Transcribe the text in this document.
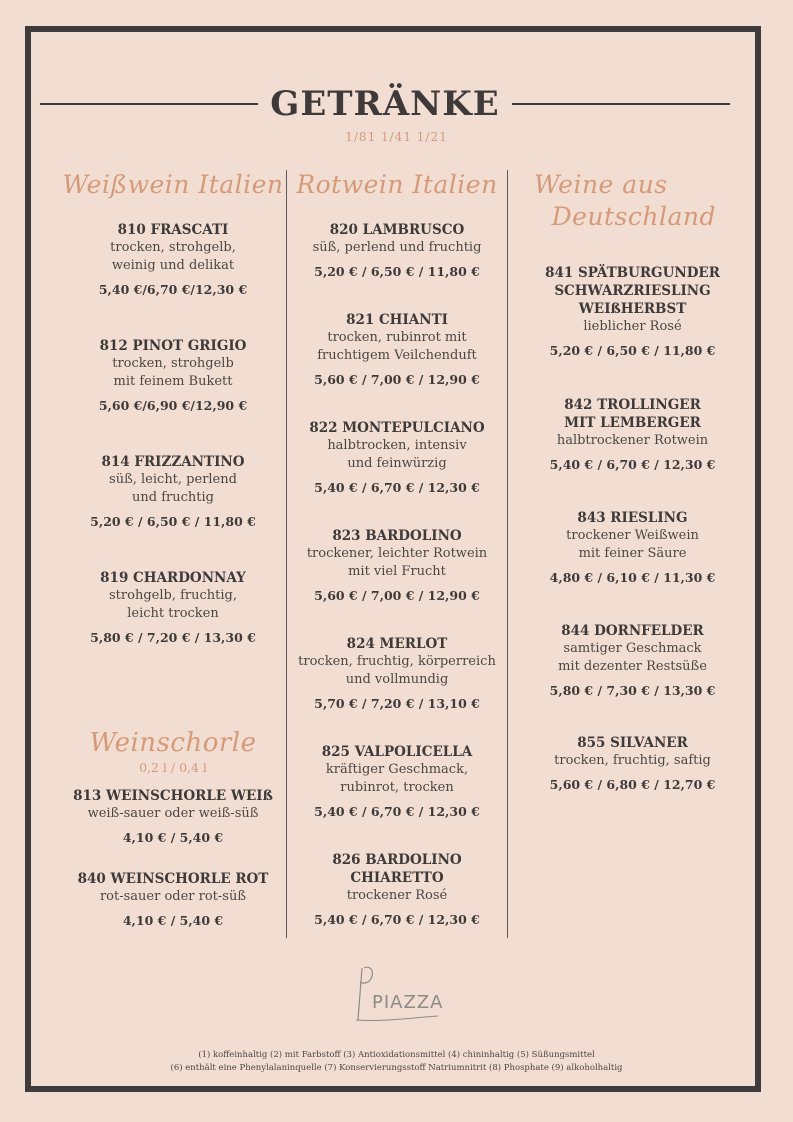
GETRÄNKE
1/81 1/41 1/21
Weißwein Italien
810 FRASCATI
trocken, strohgelb,
weinig und delikat
5,40 €/6,70 €/12,30 €
812 PINOT GRIGIO
trocken, strohgelb
mit feinem Bukett
5,60 €/6,90 €/12,90 €
814 FRIZZANTINO
süß, leicht, perlend
und fruchtig
5,20 € / 6,50 € / 11,80 €
819 CHARDONNAY
strohgelb, fruchtig,
leicht trocken
5,80 € / 7,20 € / 13,30 €
Weinschorle
0,2 l / 0,4 l
813 WEINSCHORLE WEIß
weiß-sauer oder weiß-süß
4,10 € / 5,40 €
840 WEINSCHORLE ROT
rot-sauer oder rot-süß
4,10 € / 5,40 €
Rotwein Italien
820 LAMBRUSCO
süß, perlend und fruchtig
5,20 € / 6,50 € / 11,80 €
821 CHIANTI
trocken, rubinrot mit
fruchtigem Veilchenduft
5,60 € / 7,00 € / 12,90 €
822 MONTEPULCIANO
halbtrocken, intensiv
und feinwürzig
5,40 € / 6,70 € / 12,30 €
823 BARDOLINO
trockener, leichter Rotwein
mit viel Frucht
5,60 € / 7,00 € / 12,90 €
824 MERLOT
trocken, fruchtig, körperreich
und vollmundig
5,70 € / 7,20 € / 13,10 €
825 VALPOLICELLA
kräftiger Geschmack,
rubinrot, trocken
5,40 € / 6,70 € / 12,30 €
826 BARDOLINO CHIARETTO
trockener Rosé
5,40 € / 6,70 € / 12,30 €
Weine aus
Deutschland
841 SPÄTBURGUNDER SCHWARZRIESLING WEIßHERBST
lieblicher Rosé
5,20 € / 6,50 € / 11,80 €
842 TROLLINGER MIT LEMBERGER
halbtrockener Rotwein
5,40 € / 6,70 € / 12,30 €
843 RIESLING
trockener Weißwein
mit feiner Säure
4,80 € / 6,10 € / 11,30 €
844 DORNFELDER
samtiger Geschmack
mit dezenter Restsüße
5,80 € / 7,30 € / 13,30 €
855 SILVANER
trocken, fruchtig, saftig
5,60 € / 6,80 € / 12,70 €
PIAZZA
(1) koffeinhaltig (2) mit Farbstoff (3) Antioxidationsmittel (4) chininhaltig (5) Süßungsmittel
(6) enthält eine Phenylalaninquelle (7) Konservierungsstoff Natriumnitrit (8) Phosphate (9) alkoholhaltig
